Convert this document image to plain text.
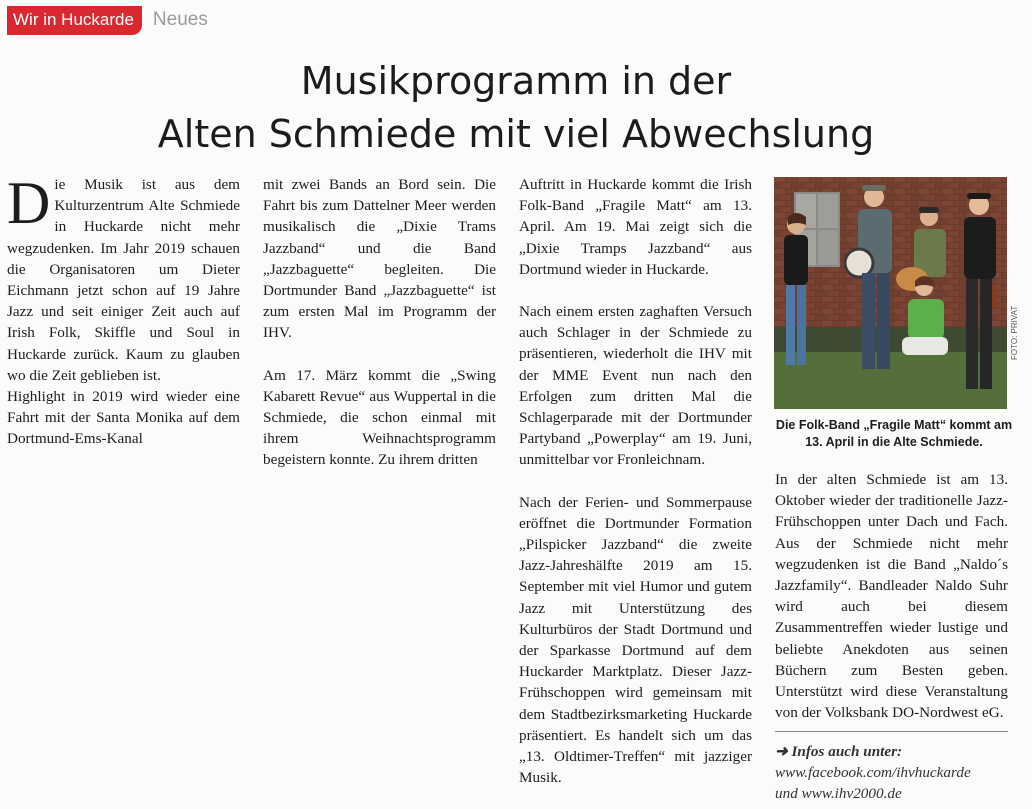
Wir in Huckarde	Neues
Musikprogramm in der
Alten Schmiede mit viel Abwechslung

Die Musik ist aus dem Kulturzentrum Alte Schmiede in Huckarde nicht mehr wegzudenken. Im Jahr 2019 schauen die Organisatoren um Dieter Eichmann jetzt schon auf 19 Jahre Jazz und seit einiger Zeit auch auf Irish Folk, Skiffle und Soul in Huckarde zurück. Kaum zu glauben wo die Zeit geblieben ist.

Highlight in 2019 wird wieder eine Fahrt mit der Santa Monika auf dem Dortmund-Ems-Kanal

mit zwei Bands an Bord sein. Die Fahrt bis zum Dattelner Meer werden musikalisch die „Dixie Trams Jazzband“ und die Band „Jazzbaguette“ begleiten. Die Dortmunder Band „Jazzbaguette“ ist zum ersten Mal im Programm der IHV.

Am 17. März kommt die „Swing Kabarett Revue“ aus Wuppertal in die Schmiede, die schon einmal mit ihrem Weihnachtsprogramm begeistern konnte. Zu ihrem dritten

Auftritt in Huckarde kommt die Irish Folk-Band „Fragile Matt“ am 13. April. Am 19. Mai zeigt sich die „Dixie Tramps Jazzband“ aus Dortmund wieder in Huckarde.

Nach einem ersten zaghaften Versuch auch Schlager in der Schmiede zu präsentieren, wiederholt die IHV mit der MME Event nun nach den Erfolgen zum dritten Mal die Schlagerparade mit der Dortmunder Partyband „Powerplay“ am 19. Juni, unmittelbar vor Fronleichnam.

Nach der Ferien- und Sommerpause eröffnet die Dortmunder Formation „Pilspicker Jazzband“ die zweite Jazz-Jahreshälfte 2019 am 15. September mit viel Humor und gutem Jazz mit Unterstützung des Kulturbüros der Stadt Dortmund und der Sparkasse Dortmund auf dem Huckarder Marktplatz. Dieser Jazz-Frühschoppen wird gemeinsam mit dem Stadtbezirksmarketing Huckarde präsentiert. Es handelt sich um das „13. Oldtimer-Treffen“ mit jazziger Musik.

FOTO: PRIVAT
Die Folk-Band „Fragile Matt“ kommt am 13. April in die Alte Schmiede.

In der alten Schmiede ist am 13. Oktober wieder der traditionelle Jazz-Frühschoppen unter Dach und Fach. Aus der Schmiede nicht mehr wegzudenken ist die Band „Naldo´s Jazzfamily“. Bandleader Naldo Suhr wird auch bei diesem Zusammentreffen wieder lustige und beliebte Anekdoten aus seinen Büchern zum Besten geben. Unterstützt wird diese Veranstaltung von der Volksbank DO-Nordwest eG.

➜ Infos auch unter:
www.facebook.com/ihvhuckarde
und www.ihv2000.de
